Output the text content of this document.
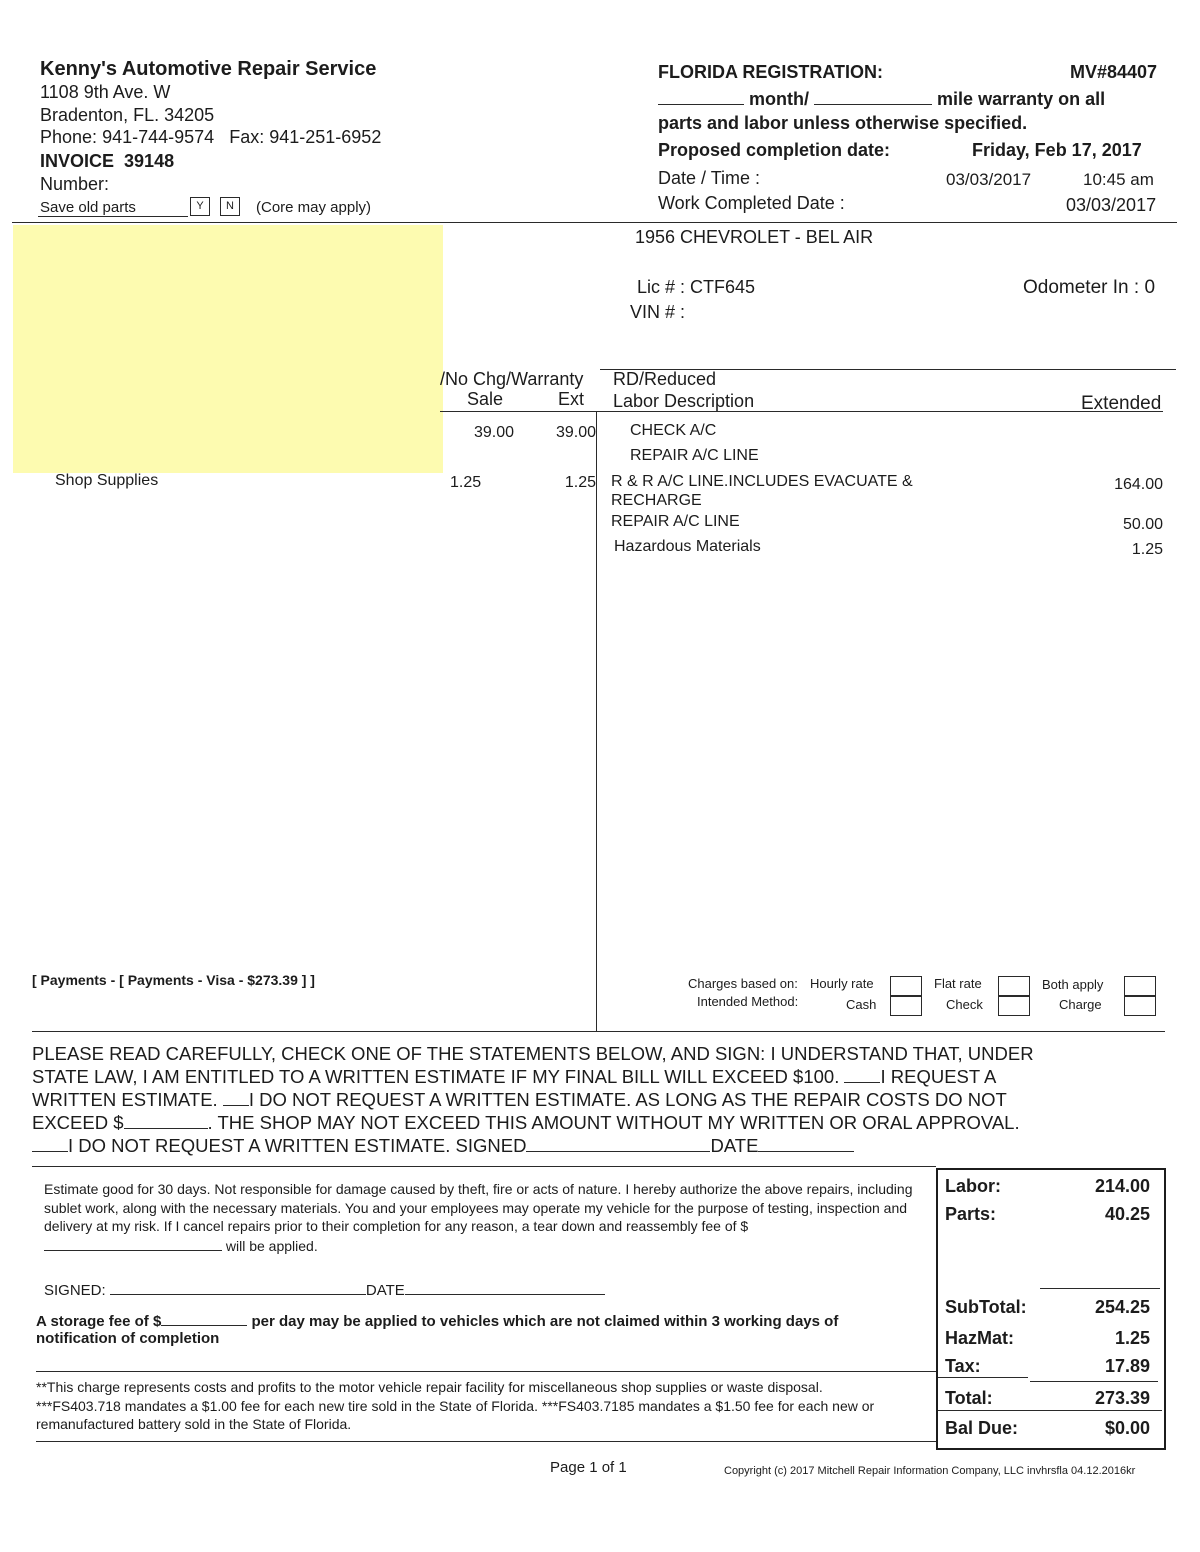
Kenny's Automotive Repair Service
1108 9th Ave. W
Bradenton, FL. 34205
Phone: 941-744-9574 Fax: 941-251-6952
INVOICE 39148
Number:
Save old parts	Y	N	(Core may apply)
FLORIDA REGISTRATION:	MV#84407
month/	mile warranty on all
parts and labor unless otherwise specified.
Proposed completion date:	Friday, Feb 17, 2017
Date / Time :	03/03/2017	10:45 am
Work Completed Date :	03/03/2017
1956 CHEVROLET - BEL AIR
Lic # : CTF645
VIN # :
Odometer In : 0
/No Chg/Warranty
Sale	Ext
RD/Reduced
Labor Description	Extended
39.00	39.00
Shop Supplies	1.25	1.25
CHECK A/C
REPAIR A/C LINE
R & R A/C LINE.INCLUDES EVACUATE &	164.00
RECHARGE
REPAIR A/C LINE	50.00
Hazardous Materials	1.25
[ Payments - [ Payments - Visa - $273.39 ] ]	Charges based on: Hourly rate	Flat rate	Both apply
Intended Method:	Cash	Check	Charge
PLEASE READ CAREFULLY, CHECK ONE OF THE STATEMENTS BELOW, AND SIGN: I UNDERSTAND THAT, UNDER
STATE LAW, I AM ENTITLED TO A WRITTEN ESTIMATE IF MY FINAL BILL WILL EXCEED $100. I REQUEST A
WRITTEN ESTIMATE. I DO NOT REQUEST A WRITTEN ESTIMATE. AS LONG AS THE REPAIR COSTS DO NOT
EXCEED $	. THE SHOP MAY NOT EXCEED THIS AMOUNT WITHOUT MY WRITTEN OR ORAL APPROVAL.
I DO NOT REQUEST A WRITTEN ESTIMATE. SIGNED	DATE
Estimate good for 30 days. Not responsible for damage caused by theft, fire or acts of nature. I hereby authorize the above repairs, including sublet work, along with the necessary materials. You and your employees may operate my vehicle for the purpose of testing, inspection and delivery at my risk. If I cancel repairs prior to their completion for any reason, a tear down and reassembly fee of $  will be applied.
SIGNED:	DATE
A storage fee of $	per day may be applied to vehicles which are not claimed within 3 working days of
notification of completion
**This charge represents costs and profits to the motor vehicle repair facility for miscellaneous shop supplies or waste disposal. ***FS403.718 mandates a $1.00 fee for each new tire sold in the State of Florida. ***FS403.7185 mandates a $1.50 fee for each new or remanufactured battery sold in the State of Florida.
Labor:	214.00
Parts:	40.25
SubTotal:	254.25
HazMat:	1.25
Tax:	17.89
Total:	273.39
Bal Due:	$0.00
Page 1 of 1	Copyright (c) 2017 Mitchell Repair Information Company, LLC invhrsfla 04.12.2016kr
